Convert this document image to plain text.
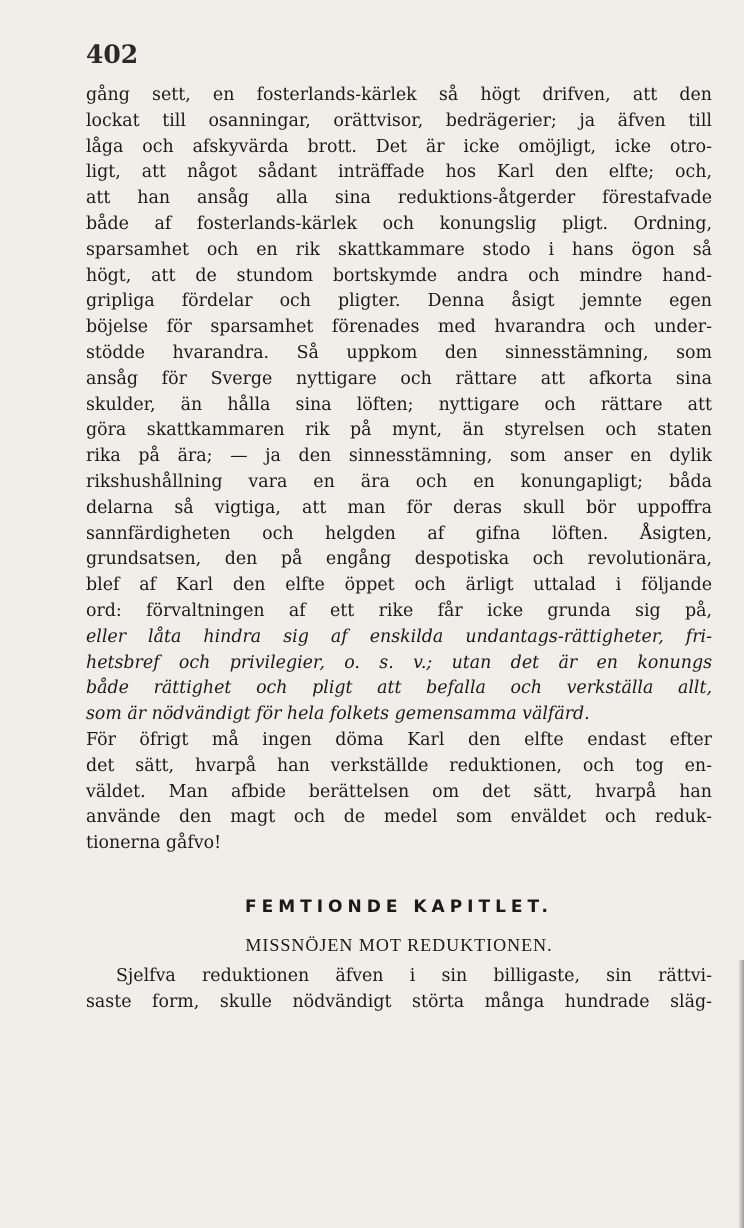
402
gång sett, en fosterlands-kärlek så högt drifven, att den
lockat till osanningar, orättvisor, bedrägerier; ja äfven till
låga och afskyvärda brott. Det är icke omöjligt, icke otro-
ligt, att något sådant inträffade hos Karl den elfte; och,
att han ansåg alla sina reduktions-åtgerder förestafvade
både af fosterlands-kärlek och konungslig pligt. Ordning,
sparsamhet och en rik skattkammare stodo i hans ögon så
högt, att de stundom bortskymde andra och mindre hand-
gripliga fördelar och pligter. Denna åsigt jemnte egen
böjelse för sparsamhet förenades med hvarandra och under-
stödde hvarandra. Så uppkom den sinnesstämning, som
ansåg för Sverge nyttigare och rättare att afkorta sina
skulder, än hålla sina löften; nyttigare och rättare att
göra skattkammaren rik på mynt, än styrelsen och staten
rika på ära; — ja den sinnesstämning, som anser en dylik
rikshushållning vara en ära och en konungapligt; båda
delarna så vigtiga, att man för deras skull bör uppoffra
sannfärdigheten och helgden af gifna löften. Åsigten,
grundsatsen, den på engång despotiska och revolutionära,
blef af Karl den elfte öppet och ärligt uttalad i följande
ord: förvaltningen af ett rike får icke grunda sig på,
eller låta hindra sig af enskilda undantags-rättigheter, fri-
hetsbref och privilegier, o. s. v.; utan det är en konungs
både rättighet och pligt att befalla och verkställa allt,
som är nödvändigt för hela folkets gemensamma välfärd.
För öfrigt må ingen döma Karl den elfte endast efter
det sätt, hvarpå han verkställde reduktionen, och tog en-
väldet. Man afbide berättelsen om det sätt, hvarpå han
använde den magt och de medel som enväldet och reduk-
tionerna gåfvo!
FEMTIONDE KAPITLET.
MISSNÖJEN MOT REDUKTIONEN.
Sjelfva reduktionen äfven i sin billigaste, sin rättvi-
saste form, skulle nödvändigt störta många hundrade släg-
